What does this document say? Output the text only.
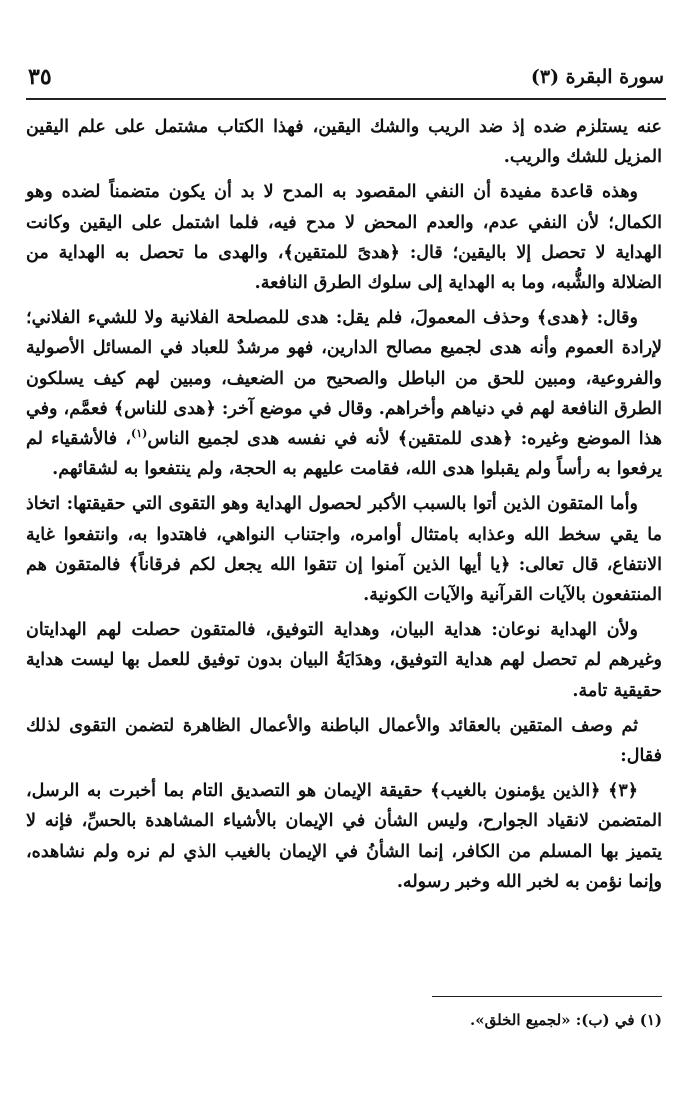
سورة البقرة (٣)
٣٥

عنه يستلزم ضده إذ ضد الريب والشك اليقين، فهذا الكتاب مشتمل على علم اليقين المزيل للشك والريب.

وهذه قاعدة مفيدة أن النفي المقصود به المدح لا بد أن يكون متضمناً لضده وهو الكمال؛ لأن النفي عدم، والعدم المحض لا مدح فيه، فلما اشتمل على اليقين وكانت الهداية لا تحصل إلا باليقين؛ قال: ﴿هدىً للمتقين﴾، والهدى ما تحصل به الهداية من الضلالة والشُّبه، وما به الهداية إلى سلوك الطرق النافعة.

وقال: ﴿هدى﴾ وحذف المعمولَ، فلم يقل: هدى للمصلحة الفلانية ولا للشيء الفلاني؛ لإرادة العموم وأنه هدى لجميع مصالح الدارين، فهو مرشدٌ للعباد في المسائل الأصولية والفروعية، ومبين للحق من الباطل والصحيح من الضعيف، ومبين لهم كيف يسلكون الطرق النافعة لهم في دنياهم وأخراهم. وقال في موضع آخر: ﴿هدى للناس﴾ فعمَّم، وفي هذا الموضع وغيره: ﴿هدى للمتقين﴾ لأنه في نفسه هدى لجميع الناس$^{(١)}$، فالأشقياء لم يرفعوا به رأساً ولم يقبلوا هدى الله، فقامت عليهم به الحجة، ولم ينتفعوا به لشقائهم.

وأما المتقون الذين أتوا بالسبب الأكبر لحصول الهداية وهو التقوى التي حقيقتها: اتخاذ ما يقي سخط الله وعذابه بامتثال أوامره، واجتناب النواهي، فاهتدوا به، وانتفعوا غاية الانتفاع، قال تعالى: ﴿يا أيها الذين آمنوا إن تتقوا الله يجعل لكم فرقاناً﴾ فالمتقون هم المنتفعون بالآيات القرآنية والآيات الكونية.

ولأن الهداية نوعان: هداية البيان، وهداية التوفيق، فالمتقون حصلت لهم الهدايتان وغيرهم لم تحصل لهم هداية التوفيق، وهدَايَةُ البيان بدون توفيق للعمل بها ليست هداية حقيقية تامة.

ثم وصف المتقين بالعقائد والأعمال الباطنة والأعمال الظاهرة لتضمن التقوى لذلك فقال:

﴿٣﴾ ﴿الذين يؤمنون بالغيب﴾ حقيقة الإيمان هو التصديق التام بما أخبرت به الرسل، المتضمن لانقياد الجوارح، وليس الشأن في الإيمان بالأشياء المشاهدة بالحسِّ، فإنه لا يتميز بها المسلم من الكافر، إنما الشأنُ في الإيمان بالغيب الذي لم نره ولم نشاهده، وإنما نؤمن به لخبر الله وخبر رسوله.

(١) في (ب): «لجميع الخلق».
